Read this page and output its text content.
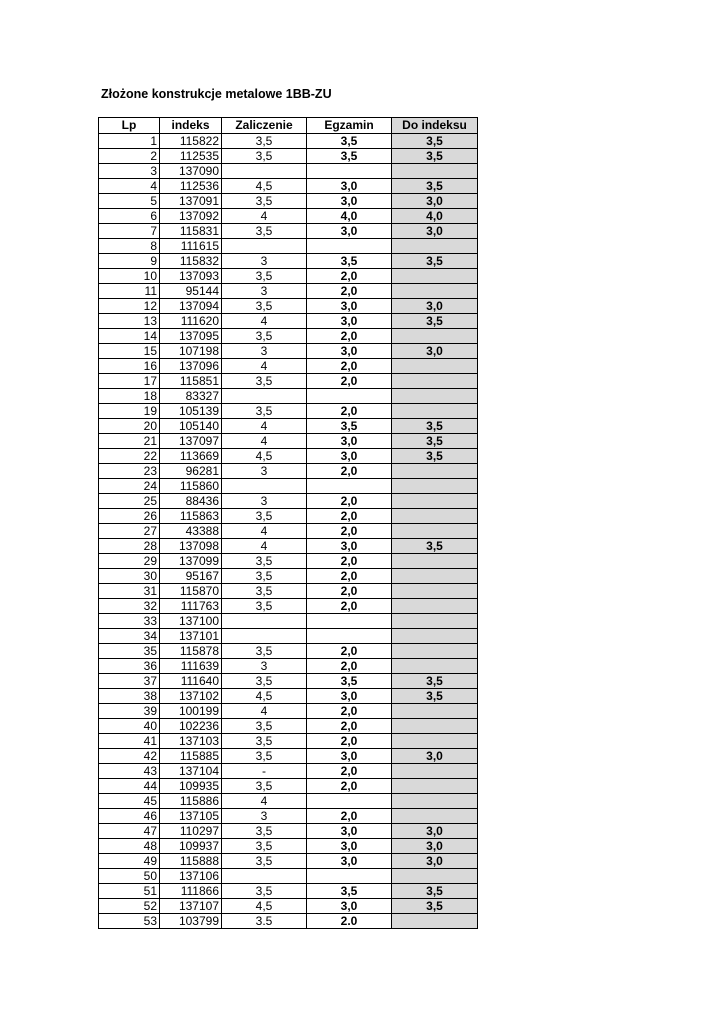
Złożone konstrukcje metalowe 1BB-ZU
Lp	indeks	Zaliczenie	Egzamin	Do indeksu
1	115822	3,5	3,5	3,5
2	112535	3,5	3,5	3,5
3	137090			
4	112536	4,5	3,0	3,5
5	137091	3,5	3,0	3,0
6	137092	4	4,0	4,0
7	115831	3,5	3,0	3,0
8	111615			
9	115832	3	3,5	3,5
10	137093	3,5	2,0	
11	95144	3	2,0	
12	137094	3,5	3,0	3,0
13	111620	4	3,0	3,5
14	137095	3,5	2,0	
15	107198	3	3,0	3,0
16	137096	4	2,0	
17	115851	3,5	2,0	
18	83327			
19	105139	3,5	2,0	
20	105140	4	3,5	3,5
21	137097	4	3,0	3,5
22	113669	4,5	3,0	3,5
23	96281	3	2,0	
24	115860			
25	88436	3	2,0	
26	115863	3,5	2,0	
27	43388	4	2,0	
28	137098	4	3,0	3,5
29	137099	3,5	2,0	
30	95167	3,5	2,0	
31	115870	3,5	2,0	
32	111763	3,5	2,0	
33	137100			
34	137101			
35	115878	3,5	2,0	
36	111639	3	2,0	
37	111640	3,5	3,5	3,5
38	137102	4,5	3,0	3,5
39	100199	4	2,0	
40	102236	3,5	2,0	
41	137103	3,5	2,0	
42	115885	3,5	3,0	3,0
43	137104	-	2,0	
44	109935	3,5	2,0	
45	115886	4		
46	137105	3	2,0	
47	110297	3,5	3,0	3,0
48	109937	3,5	3,0	3,0
49	115888	3,5	3,0	3,0
50	137106			
51	111866	3,5	3,5	3,5
52	137107	4,5	3,0	3,5
53	103799	3.5	2.0	
